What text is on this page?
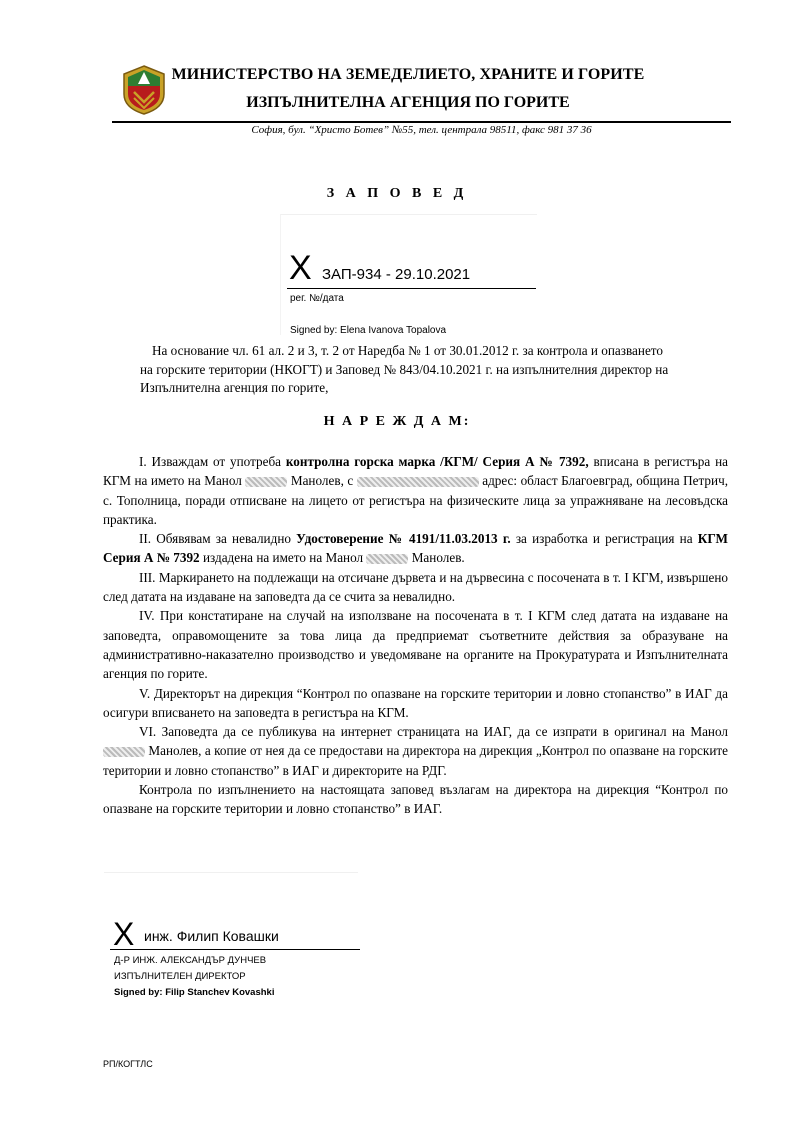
МИНИСТЕРСТВО НА ЗЕМЕДЕЛИЕТО, ХРАНИТЕ И ГОРИТЕ
ИЗПЪЛНИТЕЛНА АГЕНЦИЯ ПО ГОРИТЕ
София, бул. “Христо Ботев” №55, тел. централа 98511, факс 981 37 36
З А П О В Е Д
X ЗАП-934 - 29.10.2021
рег. №/дата
Signed by: Elena Ivanova Topalova
На основание чл. 61 ал. 2 и 3, т. 2 от Наредба № 1 от 30.01.2012 г. за контрола и опазването на горските територии (НКОГТ) и Заповед № 843/04.10.2021 г. на изпълнителния директор на Изпълнителна агенция по горите,
Н А Р Е Ж Д А М:

I. Изваждам от употреба контролна горска марка /КГМ/ Серия А № 7392, вписана в регистъра на КГМ на името на Манол	Манолев, с	адрес: област Благоевград, община Петрич, с. Тополница, поради отписване на лицето от регистъра на физическите лица за упражняване на лесовъдска практика.

II. Обявявам за невалидно Удостоверение № 4191/11.03.2013 г. за изработка и регистрация на КГМ Серия А № 7392 издадена на името на Манол	Манолев.

III. Маркирането на подлежащи на отсичане дървета и на дървесина с посочената в т. I КГМ, извършено след датата на издаване на заповедта да се счита за невалидно.

IV. При констатиране на случай на използване на посочената в т. I КГМ след датата на издаване на заповедта, оправомощените за това лица да предприемат съответните действия за образуване на административно-наказателно производство и уведомяване на органите на Прокуратурата и Изпълнителната агенция по горите.

V. Директорът на дирекция “Контрол по опазване на горските територии и ловно стопанство” в ИАГ да осигури вписването на заповедта в регистъра на КГМ.

VI. Заповедта да се публикува на интернет страницата на ИАГ, да се изпрати в оригинал на Манол  Манолев, а копие от нея да се предостави на директора на дирекция „Контрол по опазване на горските територии и ловно стопанство” в ИАГ и директорите на РДГ.

Контрола по изпълнението на настоящата заповед възлагам на директора на дирекция “Контрол по опазване на горските територии и ловно стопанство” в ИАГ.

X инж. Филип Ковашки
Д-Р ИНЖ. АЛЕКСАНДЪР ДУНЧЕВ
ИЗПЪЛНИТЕЛЕН ДИРЕКТОР
Signed by: Filip Stanchev Kovashki
РП/КОГТЛС
